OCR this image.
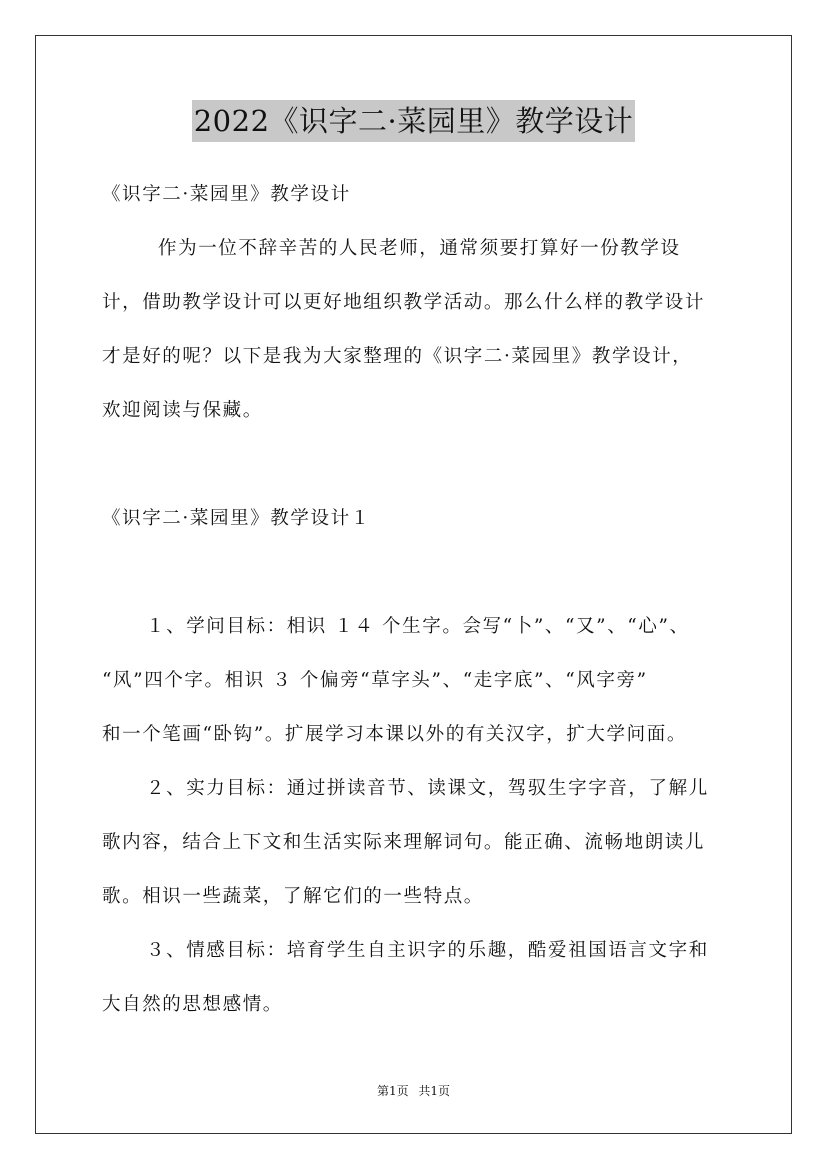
2022《识字二·菜园里》教学设计
《识字二·菜园里》教学设计
作为一位不辞辛苦的人民老师，通常须要打算好一份教学设
计，借助教学设计可以更好地组织教学活动。那么什么样的教学设计
才是好的呢？以下是我为大家整理的《识字二·菜园里》教学设计，
欢迎阅读与保藏。
《识字二·菜园里》教学设计１
１、学问目标：相识 １４ 个生字。会写“卜”、“又”、“心”、
“风”四个字。相识 ３ 个偏旁“草字头”、“走字底”、“风字旁”
和一个笔画“卧钩”。扩展学习本课以外的有关汉字，扩大学问面。
２、实力目标：通过拼读音节、读课文，驾驭生字字音，了解儿
歌内容，结合上下文和生活实际来理解词句。能正确、流畅地朗读儿
歌。相识一些蔬菜，了解它们的一些特点。
３、情感目标：培育学生自主识字的乐趣，酷爱祖国语言文字和
大自然的思想感情。
第1页 共1页
